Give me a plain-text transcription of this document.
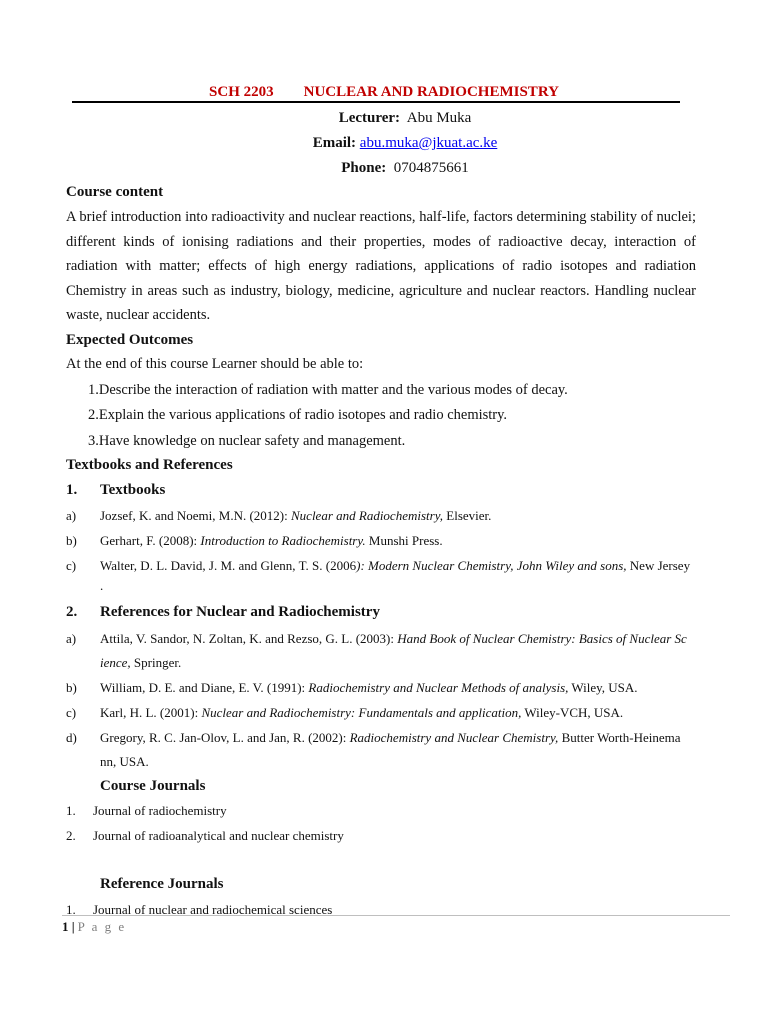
SCH 2203 NUCLEAR AND RADIOCHEMISTRY
Lecturer: Abu Muka
Email: abu.muka@jkuat.ac.ke
Phone: 0704875661
Course content
A brief introduction into radioactivity and nuclear reactions, half-life, factors determining stability of nuclei; different kinds of ionising radiations and their properties, modes of radioactive decay, interaction of radiation with matter; effects of high energy radiations, applications of radio isotopes and radiation Chemistry in areas such as industry, biology, medicine, agriculture and nuclear reactors. Handling nuclear waste, nuclear accidents.
Expected Outcomes
At the end of this course Learner should be able to:
1.Describe the interaction of radiation with matter and the various modes of decay.
2.Explain the various applications of radio isotopes and radio chemistry.
3.Have knowledge on nuclear safety and management.
Textbooks and References
1. Textbooks
a) Jozsef, K. and Noemi, M.N. (2012): Nuclear and Radiochemistry, Elsevier.
b) Gerhart, F. (2008): Introduction to Radiochemistry. Munshi Press.
c) Walter, D. L. David, J. M. and Glenn, T. S. (2006): Modern Nuclear Chemistry, John Wiley and sons, New Jersey
.
2. References for Nuclear and Radiochemistry
a) Attila, V. Sandor, N. Zoltan, K. and Rezso, G. L. (2003): Hand Book of Nuclear Chemistry: Basics of Nuclear Sc
ience, Springer.
b) William, D. E. and Diane, E. V. (1991): Radiochemistry and Nuclear Methods of analysis, Wiley, USA.
c) Karl, H. L. (2001): Nuclear and Radiochemistry: Fundamentals and application, Wiley-VCH, USA.
d) Gregory, R. C. Jan-Olov, L. and Jan, R. (2002): Radiochemistry and Nuclear Chemistry, Butter Worth-Heinema
nn, USA.
Course Journals
1. Journal of radiochemistry
2. Journal of radioanalytical and nuclear chemistry
Reference Journals
1. Journal of nuclear and radiochemical sciences
1 | P a g e
